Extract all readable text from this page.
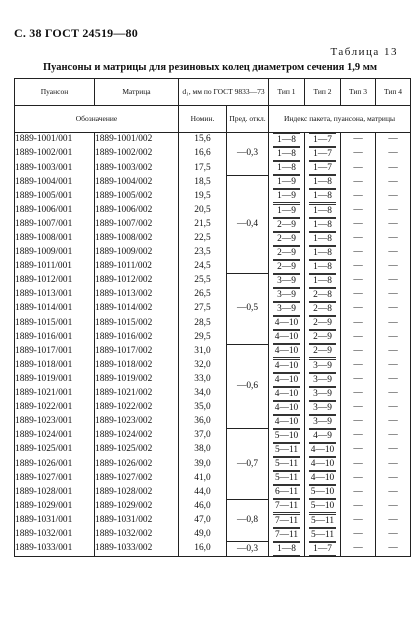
С. 38 ГОСТ 24519—80
Таблица 13
Пуансоны и матрицы для резиновых колец диаметром сечения 1,9 мм
Пуансон	Матрица	d₁, мм по ГОСТ 9833—73		Тип 1	Тип 2	Тип 3	Тип 4
Обозначение		Номин.	Пред. откл.	Индекс пакета, пуансона, матрицы			
1889-1001/001	1889-1001/002	15,6	—0,3	1—8	1—7	—	—
1889-1002/001	1889-1002/002	16,6		1—8	1—7	—	—
1889-1003/001	1889-1003/002	17,5		1—8	1—7	—	—
1889-1004/001	1889-1004/002	18,5	—0,4	1—9	1—8	—	—
1889-1005/001	1889-1005/002	19,5		1—9	1—8	—	—
1889-1006/001	1889-1006/002	20,5		1—9	1—8	—	—
1889-1007/001	1889-1007/002	21,5		2—9	1—8	—	—
1889-1008/001	1889-1008/002	22,5		2—9	1—8	—	—
1889-1009/001	1889-1009/002	23,5		2—9	1—8	—	—
1889-1011/001	1889-1011/002	24,5		2—9	1—8	—	—
1889-1012/001	1889-1012/002	25,5	—0,5	3—9	1—8	—	—
1889-1013/001	1889-1013/002	26,5		3—9	2—8	—	—
1889-1014/001	1889-1014/002	27,5		3—9	2—8	—	—
1889-1015/001	1889-1015/002	28,5		4—10	2—9	—	—
1889-1016/001	1889-1016/002	29,5		4—10	2—9	—	—
1889-1017/001	1889-1017/002	31,0	—0,6	4—10	2—9	—	—
1889-1018/001	1889-1018/002	32,0		4—10	3—9	—	—
1889-1019/001	1889-1019/002	33,0		4—10	3—9	—	—
1889-1021/001	1889-1021/002	34,0		4—10	3—9	—	—
1889-1022/001	1889-1022/002	35,0		4—10	3—9	—	—
1889-1023/001	1889-1023/002	36,0		4—10	3—9	—	—
1889-1024/001	1889-1024/002	37,0	—0,7	5—10	4—9	—	—
1889-1025/001	1889-1025/002	38,0		5—11	4—10	—	—
1889-1026/001	1889-1026/002	39,0		5—11	4—10	—	—
1889-1027/001	1889-1027/002	41,0		5—11	4—10	—	—
1889-1028/001	1889-1028/002	44,0		6—11	5—10	—	—
1889-1029/001	1889-1029/002	46,0	—0,8	7—11	5—10	—	—
1889-1031/001	1889-1031/002	47,0		7—11	5—11	—	—
1889-1032/001	1889-1032/002	49,0		7—11	5—11	—	—
1889-1033/001	1889-1033/002	16,0	—0,3	1—8	1—7	—	—
